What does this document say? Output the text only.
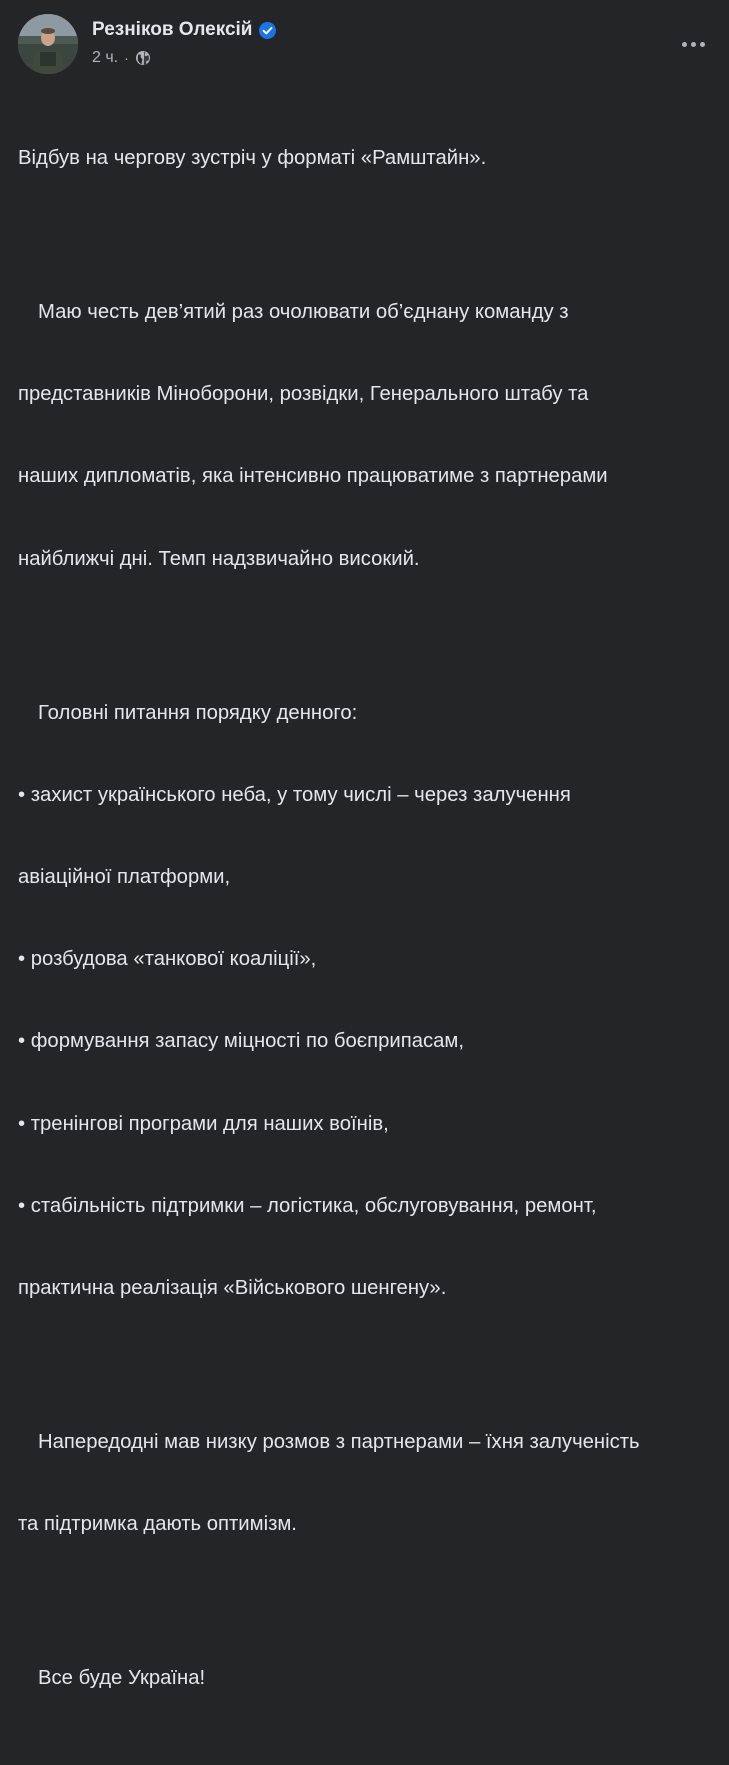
Резніков Олексій
2 ч. ·

Відбув на чергову зустріч у форматі «Рамштайн».

Маю честь дев’ятий раз очолювати об’єднану команду з

представників Міноборони, розвідки, Генерального штабу та

наших дипломатів, яка інтенсивно працюватиме з партнерами

найближчі дні. Темп надзвичайно високий.

Головні питання порядку денного:

• захист українського неба, у тому числі – через залучення

авіаційної платформи,

• розбудова «танкової коаліції»,

• формування запасу міцності по боєприпасам,

• тренінгові програми для наших воїнів,

• стабільність підтримки – логістика, обслуговування, ремонт,

практична реалізація «Військового шенгену».

Напередодні мав низку розмов з партнерами – їхня залученість

та підтримка дають оптимізм.

Все буде Україна!
